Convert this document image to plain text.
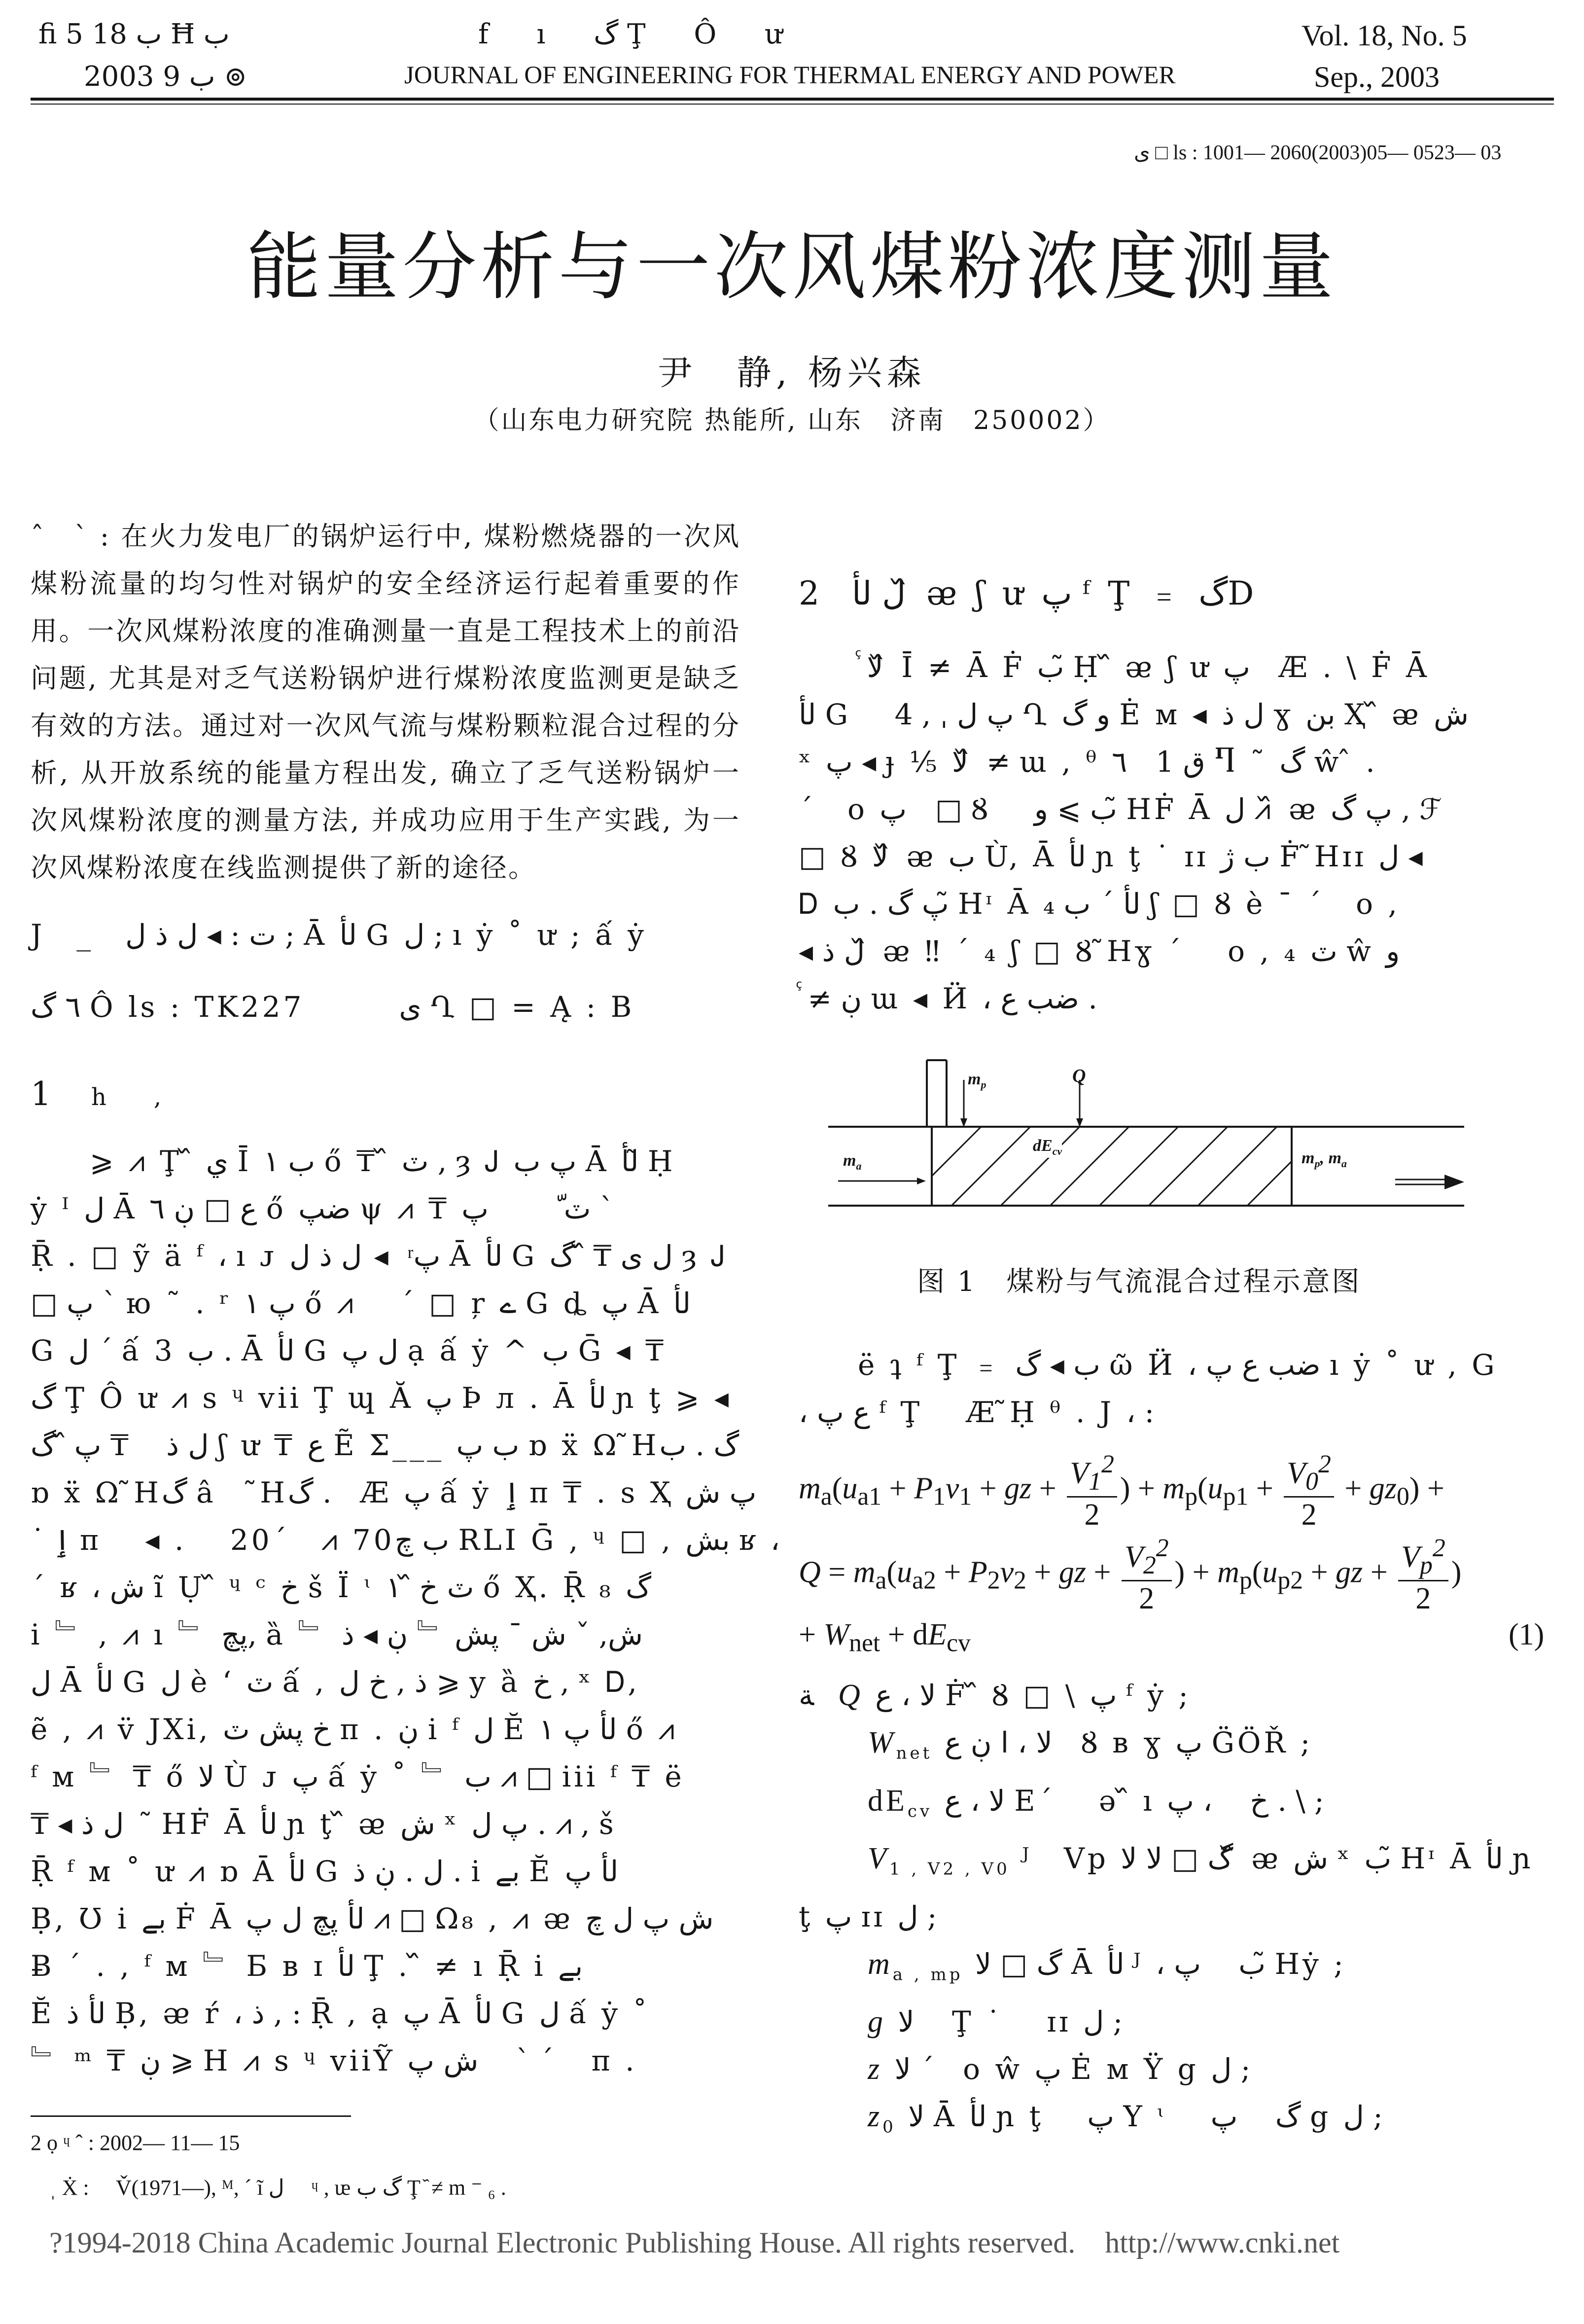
ﬁ 5 ب 18 Ħ ب
2003 ب 9 ⊚
f ı گ Ţ Ô ư
JOURNAL OF ENGINEERING FOR THERMAL ENERGY AND POWER
Vol. 18, No. 5
Sep., 2003
ی □ ls : 1001— 2060(2003)05— 0523— 03
能量分析与一次风煤粉浓度测量
尹　静, 杨兴森
（山东电力研究院 热能所, 山东　济南　250002）

ˆ　ˋ : 在火力发电厂的锅炉运行中, 煤粉燃烧器的一次风煤粉流量的均匀性对锅炉的安全经济运行起着重要的作用。一次风煤粉浓度的准确测量一直是工程技术上的前沿问题, 尤其是对乏气送粉锅炉进行煤粉浓度监测更是缺乏有效的方法。通过对一次风气流与煤粉颗粒混合过程的分析, 从开放系统的能量方程出发, 确立了乏气送粉锅炉一次风煤粉浓度的测量方法, 并成功应用于生产实践, 为一次风煤粉浓度在线监测提供了新的途径。

J　_　ت : ◂ ل ذ ل ; Ā لأ G ل ; ı ẏ ˚ ư ; ấ ẏ
٦ گ Ô ls : TK227　　　ی Ղ □ = Ą : B
1 h　　,
⩾ ⩘ Ţ ᷈ ي Ī ب ١ ő ₸ ᷈ ٽ , ȝ Ꭻ پ ب Ā لأ ̃Ḥ
ẏ ᴵ ل Ā ع □ ڹ ٦ ő ضپ ψ ⩘ ₸ ٽ ّ　　 پ ˋ
Ṝ . □ ỹ ä ᶠ ، ı ᴊ پ ͬ ◂ ل ذ ل Ā لأ G ل ی ₸ ᷈ گ ȝ Ꭻ
□ پ ˋ ю ˜ . ʳ پ ١ ő ⩘　 ˊ □ ŗ ے G ȡ پ Ā لأ
G ل ˊ ấ 3 ب . Ā لأ G ل پ ạ ấ ẏ ^ ب Ḡ ◂ ₸
گ Ţ Ô ư ⩘ s ᶣ vii Ţ ɰ Ă پ Þ л . Ā لأ ɲ ţ ⩾ ◂
ل ذ　 ₸ پ ᷈ گ ʃ ư ₸ ع Ẽ Σ___ ب پ ɒ ẍ Ω ̃Hگ . ب
ɒ ẍ Ω ̃Hگ â　 ̃Hگ .　Æ پ ấ ẏ ٳ ᴨ ₸ . s Ҳ پ ش
˙ ٳ ᴨ　 ◂ .　 20ˊ　⩘ 70ب چ RLI Ḡ , ᶣ □ , بش ʁ ،
ˊ ʁ ، ش ĩ Ụ ᷈ ᶣ ᶜ خ š Ï ᶥ ٽ خ ᷈ ١ ő Ҳ. Ṝ ₈ گ
ⅰ ﹄ , ⩘ ı ﹄ پچ, ȁ ﹄ ش, ˇ ش ˉ پش ﹄ ڹ ◂ ذ
ل Ā لأ G ل è ʻ ٽ ấ , ذ , خ ل ⩾ y ȁ خ , ˣ Ꭰ,
ẽ , ⩘ v̈ JXi, خ پش ٽ ᴨ . ڹ ⅰ ᶠ ل Ĕ لأ پ ١ ő ⩘
ᶠ ᴍ ﹄ ₸ ő لا Ù ᴊ پ ấ ẏ ˚ ﹄ ب ⩘ □ iii ᶠ ₸ ë
₸ ◂ ل ذ　 ̃HḞ Ā لأ ɲ ţ ᷈ ᴂ ش ˣ پ ل . ⩘ , š
Ṝ ᶠ ᴍ ˚ ư ⩘ ɒ Ā لأ G ل . ڹ ذ . ⅰ بے Ĕ لأ پ
Ḅ, Ʊ ⅰ بے Ḟ Ā لأ پچ ل پ ⩘ □ Ω₈ , ⩘ ᴂ ش پ ل چ
Ƀ ˊ . , ᶠ ᴍ ﹄ Ƃ ʙ ɪ لأ Ţ . ᷈ ≠ ı Ṝ ⅰ بے
Ĕ لأ ذ Ḅ, ᴂ ŕ ، ذ , : Ṝ , ạ پ Ā لأ G ل ấ ẏ ˚
﹄ ᵐ ₸ ڹ ⩾ H ⩘ s ᶣ viiỸ ش پ　 ˋ ˊ　 ᴨ .
2 ọ ᶣ ˆ : 2002— 11— 15
ˌ Ẋ :　 V̌(1971—), ᴹ, ˊ ĩ ل　 ᶣ , ᵫ گ ب Ţ ᷈ ≠ m ⁻ ₆ .
2　ل لأ ᷈ ᴂ ʃ ư پ ᶠ Ţ ﹦ گD
ᷗ لا ᷈ Ī ≠ Ā Ḟ ب ̃Ḥ ᷈ ᴂ ʃ ư پ　Æ . \ Ḟ Ā
لأ G　 پ ل ˌ , 4 Ղ و گ Ė ᴍ ◂ ل ذ ɣ بن Ҳ ᷈ ᴂ ش
ˣ پ ◂ ɟ ⅕ لا ᷈ ≠ ɯ , ᶿ ٦　1 ق Ⴄ ˜ گ ŵ ̂ .
ˊ　o پ　□ Ȣ　 ب ⩾ و ̃HḞ Ā ل ⩘ ᷈ ᴂ پ گ , ℱ
□ Ȣ لا ᷈ ᴂ ب Ù, Ā لأ ɲ ţ ˙ ɪɪ ب ژ Ḟ ̃Hɪɪ ل ◂
Ꭰ پ گ . ب ̃Hᶦ Ā لأ ˊ ب ₄ ʃ □ Ȣ è ˉ ˊ　o ,
◂ ل ذ ᷈ ᴂ ‼ ˊ ₄ ʃ □ Ȣ ̃Hɣ ˊ　 o , ₄ ٽ ŵ و
ᷗ ≠ ڹ ɯ ◂ Ӥ ، ضب ع .
$m_p$	Q
$m_a$
$dE_{cv}$	$m_p$, $m_a$
图 1　煤粉与气流混合过程示意图
ë ʇ ᶠ Ţ ﹦ ب ◂ گ ῶ Ӥ ، ضب ع پ ı ẏ ˚ ư , G
، ع پ ᶠ Ţ　 Æ ̃Ḥ ᶿ . J ، :
$m_a(u_{a1} + P_1v_1$ + gz + $\frac{V_1^2}{2}$ ) + $m_p(u_{p1} + \frac{V_0^2}{2} + gz_0)$ +
$Q = m_a(u_{a2} + P_2v_2$ + gz + $\frac{V_2^2}{2}$ ) + $m_p(u_{p2}$ + gz + $\frac{V_p^2}{2}$ )
+ $W_{net} + dE_{cv}$	(1)
ﺔ Q لا ، ع Ḟ ᷈ Ȣ □ \ پ ᶠ ẏ ;
$W_{net}$ لا ، ا ڹ ع　Ȣ ʙ ɣ پ G̈ÖŘ ;
$dE_{cv}$ لا ، ع Eˊ　 ə ᷈ ı خ　 ، پ . \ ;
$V_{1 , V2 , V0}$ ᴶ　Vp گ □ لا لا ᷈ ᴂ ش ˣ ب ̃Hᶦ Ā لأ ɲ
ţ پ ɪɪ ل ;
$m_{a , mp}$ گ □ لا Ā لأ ᴶ ، ب　 پ ̃Hẏ ;
g لا　 Ţ ˙　 ɪɪ ل ;
z لا ˊ　o ŵ پ Ė ᴍ Ÿ g ل ;
$z_0$ لا Ā لأ ɲ ţ　 پ Y ᶥ　 گ　 پ g ل ;
?1994-2018 China Academic Journal Electronic Publishing House. All rights reserved.　http://www.cnki.net
